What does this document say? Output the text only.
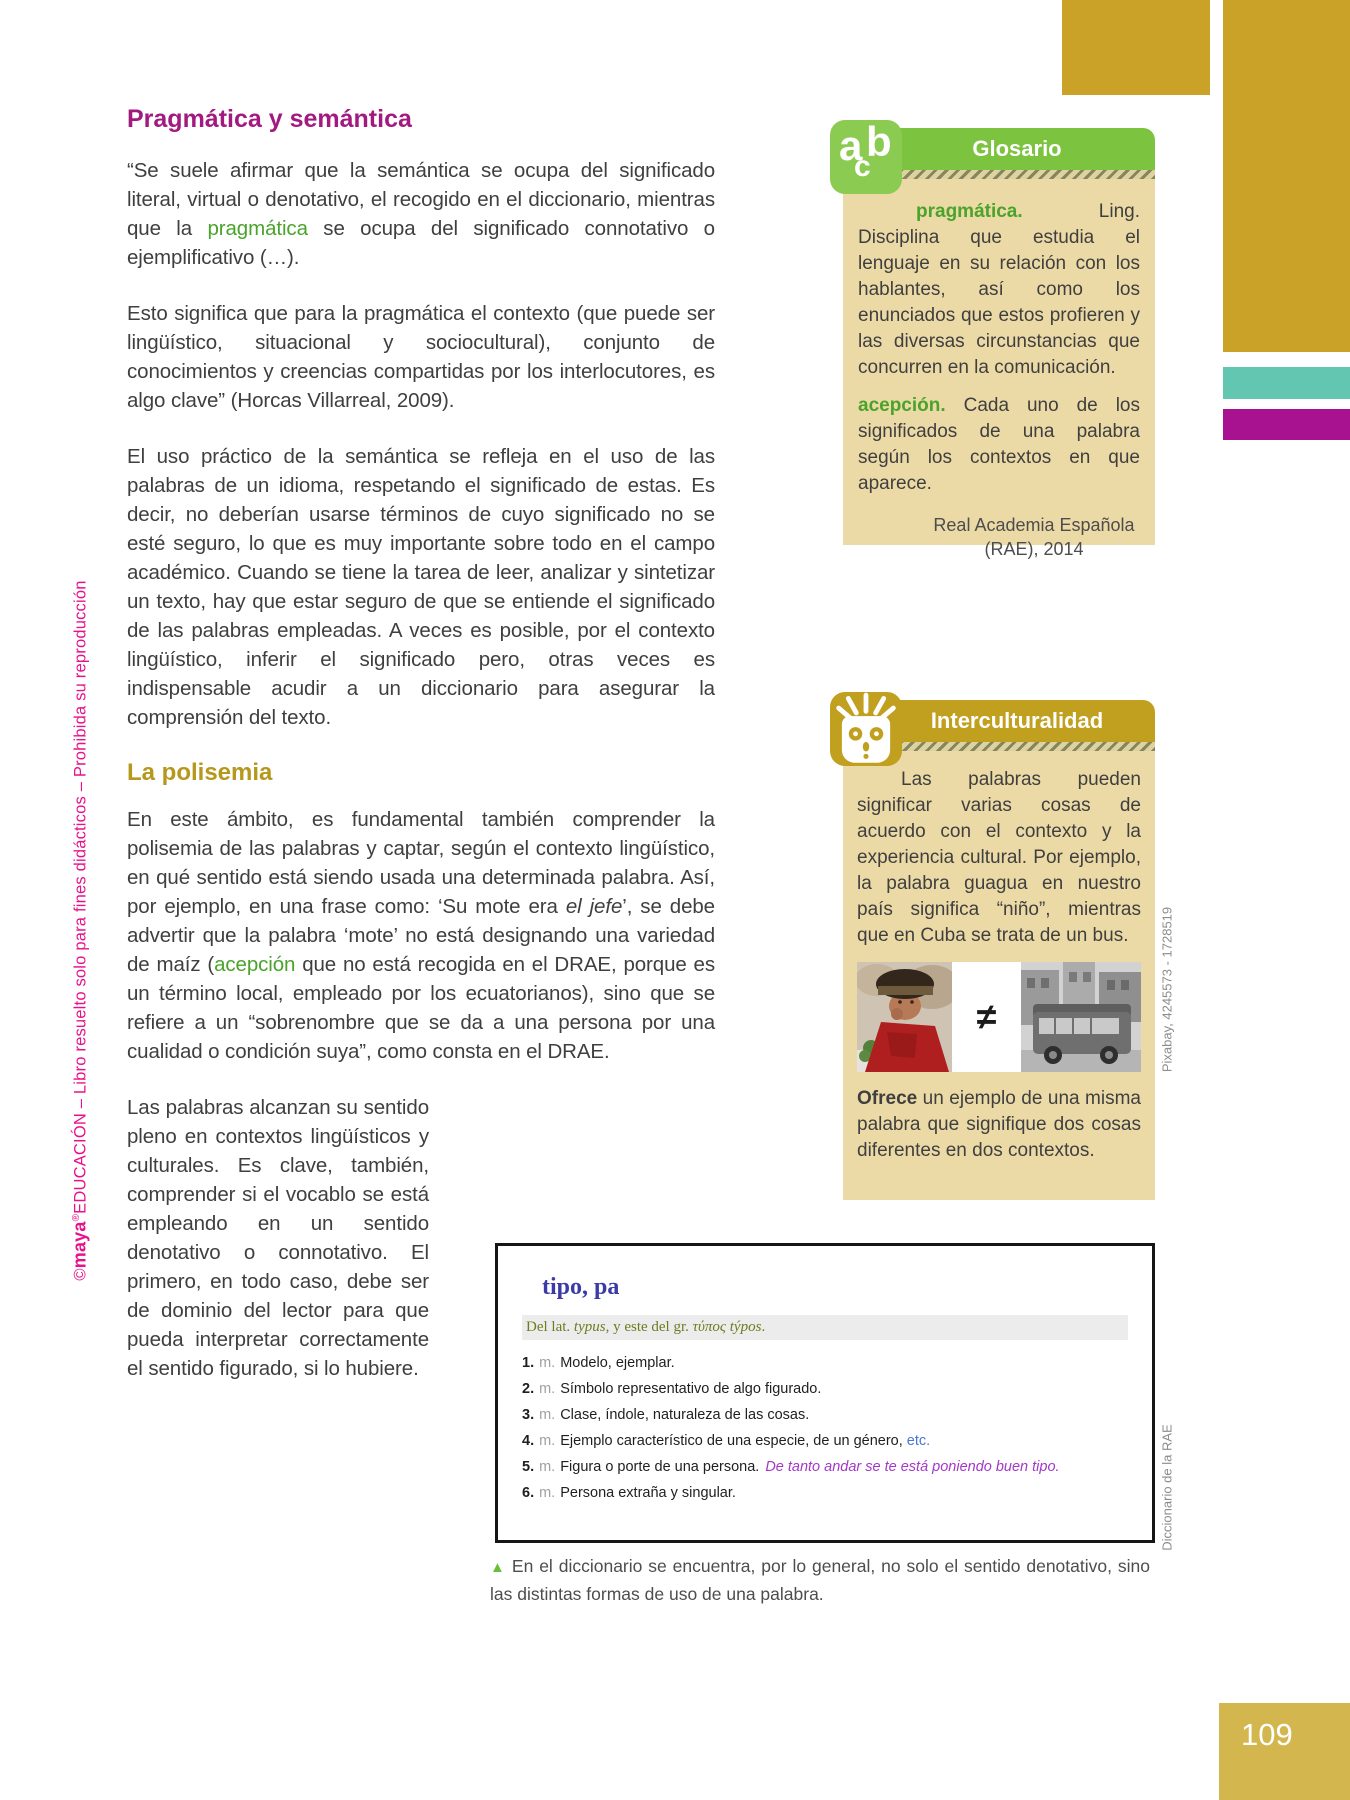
©maya®EDUCACIÓN – Libro resuelto solo para fines didácticos – Prohibida su reproducción
Pragmática y semántica

“Se suele afirmar que la semántica se ocupa del significado literal, virtual o denotativo, el recogido en el diccionario, mientras que la pragmática se ocupa del significado connotativo o ejemplificativo (…).

Esto significa que para la pragmática el contexto (que puede ser lingüístico, situacional y sociocultural), conjunto de conocimientos y creencias compartidas por los interlocutores, es algo clave” (Horcas Villarreal, 2009).

El uso práctico de la semántica se refleja en el uso de las palabras de un idioma, respetando el significado de estas. Es decir, no deberían usarse términos de cuyo significado no se esté seguro, lo que es muy importante sobre todo en el campo académico. Cuando se tiene la tarea de leer, analizar y sintetizar un texto, hay que estar seguro de que se entiende el significado de las palabras empleadas. A veces es posible, por el contexto lingüístico, inferir el significado pero, otras veces es indispensable acudir a un diccionario para asegurar la comprensión del texto.

La polisemia

En este ámbito, es fundamental también comprender la polisemia de las palabras y captar, según el contexto lingüístico, en qué sentido está siendo usada una determinada palabra. Así, por ejemplo, en una frase como: ‘Su mote era el jefe’, se debe advertir que la palabra ‘mote’ no está designando una variedad de maíz (acepción que no está recogida en el DRAE, porque es un término local, empleado por los ecuatorianos), sino que se refiere a un “sobrenombre que se da a una persona por una cualidad o condición suya”, como consta en el DRAE.

Las palabras alcanzan su sentido pleno en contextos lingüísticos y culturales. Es clave, también, comprender si el vocablo se está empleando en un sentido denotativo o connotativo. El primero, en todo caso, debe ser de dominio del lector para que pueda interpretar correctamente el sentido figurado, si lo hubiere.

pragmática. Ling. Disciplina que estudia el lenguaje en su relación con los hablantes, así como los enunciados que estos profieren y las diversas circunstancias que concurren en la comunicación.

acepción. Cada uno de los significados de una palabra según los contextos en que aparece.

Real Academia Española
(RAE), 2014
Glosario
a b
c

Las palabras pueden significar varias cosas de acuerdo con el contexto y la experiencia cultural. Por ejemplo, la palabra guagua en nuestro país significa “niño”, mientras que en Cuba se trata de un bus.

≠
Ofrece un ejemplo de una misma palabra que signifique dos cosas diferentes en dos contextos.
Interculturalidad
Pixabay, 4245573 - 1728519
Diccionario de la RAE
tipo, pa
Del lat. typus, y este del gr. τύπος týpos.
1. m. Modelo, ejemplar.
2. m. Símbolo representativo de algo figurado.
3. m. Clase, índole, naturaleza de las cosas.
4. m. Ejemplo característico de una especie, de un género, etc.
5. m. Figura o porte de una persona. De tanto andar se te está poniendo buen tipo.
6. m. Persona extraña y singular.
▲ En el diccionario se encuentra, por lo general, no solo el sentido denotativo, sino las distintas formas de uso de una palabra.
109
